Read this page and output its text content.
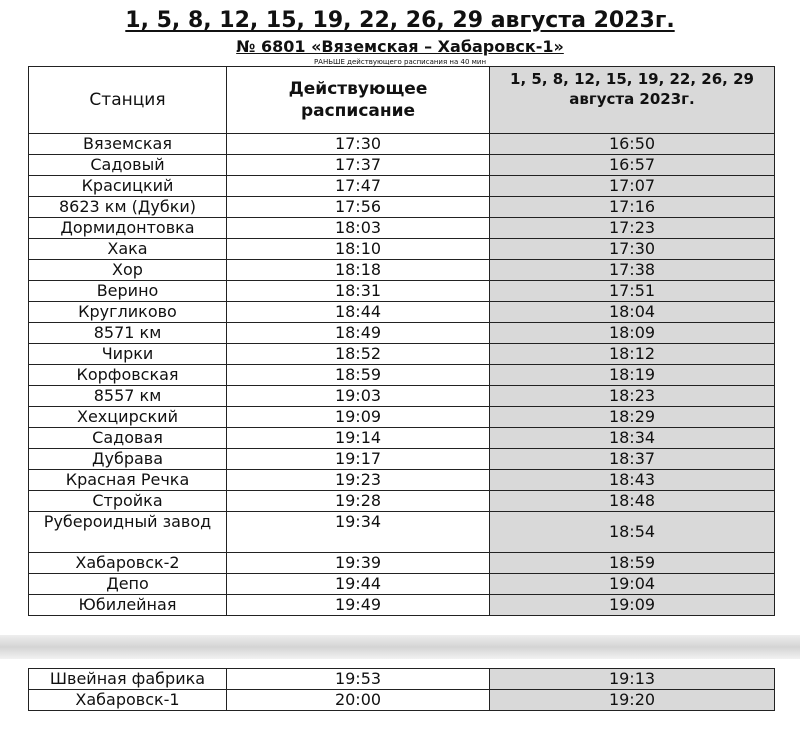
1, 5, 8, 12, 15, 19, 22, 26, 29 августа 2023г.
№ 6801 «Вяземская – Хабаровск-1»
РАНЬШЕ действующего расписания на 40 мин
Станция	Действующее расписание	1, 5, 8, 12, 15, 19, 22, 26, 29 августа 2023г.
Вяземская	17:30	16:50
Садовый	17:37	16:57
Красицкий	17:47	17:07
8623 км (Дубки)	17:56	17:16
Дормидонтовка	18:03	17:23
Хака	18:10	17:30
Хор	18:18	17:38
Верино	18:31	17:51
Кругликово	18:44	18:04
8571 км	18:49	18:09
Чирки	18:52	18:12
Корфовская	18:59	18:19
8557 км	19:03	18:23
Хехцирский	19:09	18:29
Садовая	19:14	18:34
Дубрава	19:17	18:37
Красная Речка	19:23	18:43
Стройка	19:28	18:48
Рубероидный завод	19:34	18:54
Хабаровск-2	19:39	18:59
Депо	19:44	19:04
Юбилейная	19:49	19:09
Швейная фабрика	19:53	19:13
Хабаровск-1	20:00	19:20
